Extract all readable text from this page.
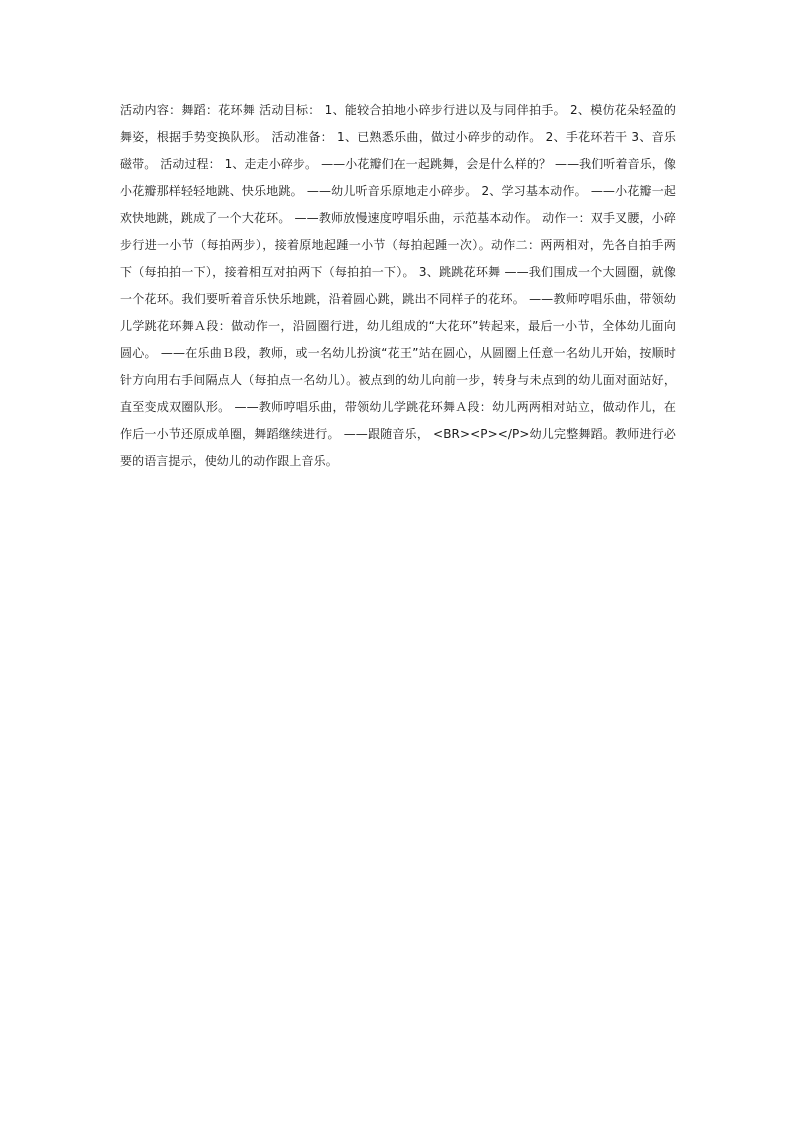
活动内容：舞蹈：花环舞 活动目标： 1、能较合拍地小碎步行进以及与同伴拍手。 2、模仿花朵轻盈的舞姿，根据手势变换队形。 活动准备： 1、已熟悉乐曲，做过小碎步的动作。 2、手花环若干 3、音乐磁带。 活动过程： 1、走走小碎步。 ——小花瓣们在一起跳舞，会是什么样的？ ——我们听着音乐，像小花瓣那样轻轻地跳、快乐地跳。 ——幼儿听音乐原地走小碎步。 2、学习基本动作。 ——小花瓣一起欢快地跳，跳成了一个大花环。 ——教师放慢速度哼唱乐曲，示范基本动作。 动作一：双手叉腰，小碎步行进一小节（每拍两步），接着原地起踵一小节（每拍起踵一次）。动作二：两两相对，先各自拍手两下（每拍拍一下），接着相互对拍两下（每拍拍一下）。 3、跳跳花环舞 ——我们围成一个大圆圈，就像一个花环。我们要听着音乐快乐地跳，沿着圆心跳，跳出不同样子的花环。 ——教师哼唱乐曲，带领幼儿学跳花环舞Ａ段：做动作一，沿圆圈行进，幼儿组成的“大花环”转起来，最后一小节，全体幼儿面向圆心。 ——在乐曲Ｂ段，教师，或一名幼儿扮演“花王”站在圆心，从圆圈上任意一名幼儿开始，按顺时针方向用右手间隔点人（每拍点一名幼儿）。被点到的幼儿向前一步，转身与未点到的幼儿面对面站好，直至变成双圈队形。 ——教师哼唱乐曲，带领幼儿学跳花环舞Ａ段：幼儿两两相对站立，做动作儿，在作后一小节还原成单圈，舞蹈继续进行。 ——跟随音乐， <BR><P></P>幼儿完整舞蹈。教师进行必要的语言提示，使幼儿的动作跟上音乐。
